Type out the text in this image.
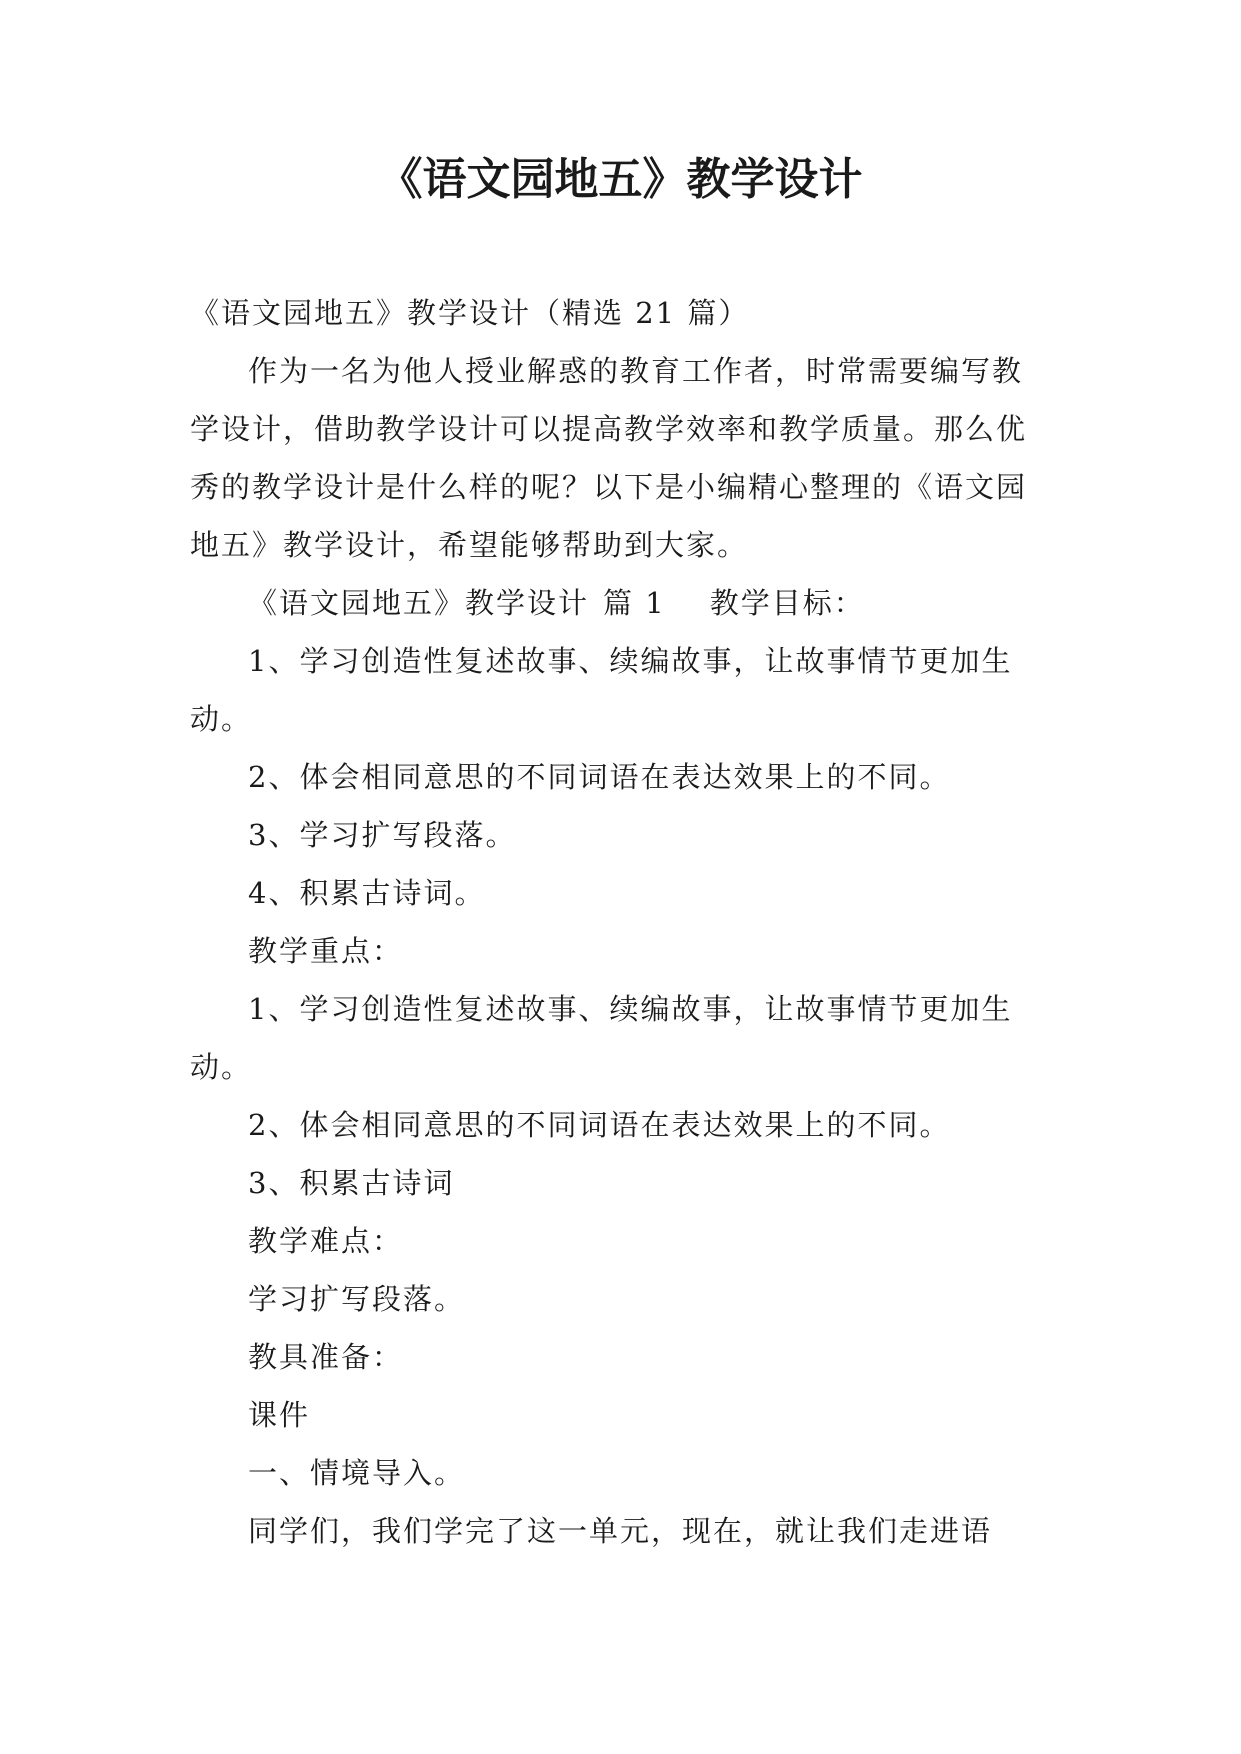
《语文园地五》教学设计

《语文园地五》教学设计（精选 21 篇）

作为一名为他人授业解惑的教育工作者，时常需要编写教学设计，借助教学设计可以提高教学效率和教学质量。那么优秀的教学设计是什么样的呢？以下是小编精心整理的《语文园地五》教学设计，希望能够帮助到大家。

《语文园地五》教学设计 篇 1 教学目标：

1、学习创造性复述故事、续编故事，让故事情节更加生动。

2、体会相同意思的不同词语在表达效果上的不同。

3、学习扩写段落。

4、积累古诗词。

教学重点：

1、学习创造性复述故事、续编故事，让故事情节更加生动。

2、体会相同意思的不同词语在表达效果上的不同。

3、积累古诗词

教学难点：

学习扩写段落。

教具准备：

课件

一、情境导入。

同学们，我们学完了这一单元，现在，就让我们走进语
